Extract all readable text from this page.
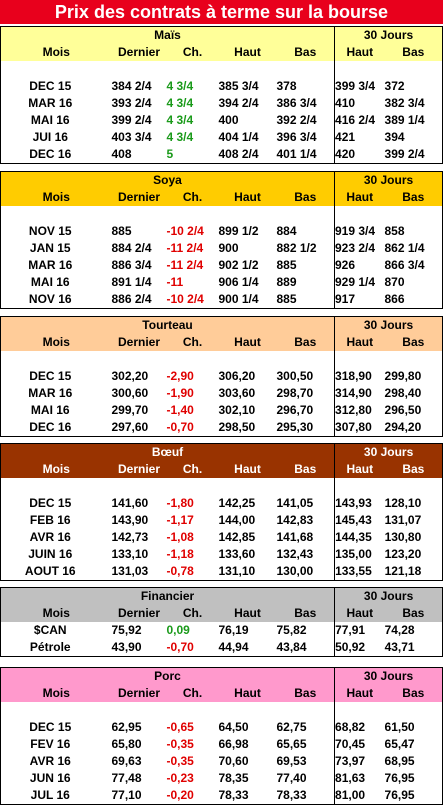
Prix des contrats à terme sur la bourse
Maïs					30 Jours	
Mois	Dernier	Ch.	Haut	Bas	Haut	Bas

DEC 15	384 2/4	4 3/4	385 3/4	378	399 3/4	372
MAR 16	393 2/4	4 3/4	394 2/4	386 3/4	410	382 3/4
MAI 16	399 2/4	4 3/4	400	392 2/4	416 2/4	389 1/4
JUI 16	403 3/4	4 3/4	404 1/4	396 3/4	421	394
DEC 16	408	5	408 2/4	401 1/4	420	399 2/4
Soya					30 Jours	
Mois	Dernier	Ch.	Haut	Bas	Haut	Bas

NOV 15	885	-10 2/4	899 1/2	884	919 3/4	858
JAN 15	884 2/4	-11 2/4	900	882 1/2	923 2/4	862 1/4
MAR 16	886 3/4	-11 2/4	902 1/2	885	926	866 3/4
MAI 16	891 1/4	-11	906 1/4	889	929 1/4	870
NOV 16	886 2/4	-10 2/4	900 1/4	885	917	866
Tourteau					30 Jours	
Mois	Dernier	Ch.	Haut	Bas	Haut	Bas

DEC 15	302,20	-2,90	306,20	300,50	318,90	299,80
MAR 16	300,60	-1,90	303,60	298,70	314,90	298,40
MAI 16	299,70	-1,40	302,10	296,70	312,80	296,50
DEC 16	297,60	-0,70	298,50	295,30	307,80	294,20
Bœuf					30 Jours	
Mois	Dernier	Ch.	Haut	Bas	Haut	Bas

DEC 15	141,60	-1,80	142,25	141,05	143,93	128,10
FEB 16	143,90	-1,17	144,00	142,83	145,43	131,07
AVR 16	142,73	-1,08	142,85	141,68	144,35	130,80
JUIN 16	133,10	-1,18	133,60	132,43	135,00	123,20
AOUT 16	131,03	-0,78	131,10	130,00	133,55	121,18
Financier					30 Jours	
Mois	Dernier	Ch.	Haut	Bas	Haut	Bas
$CAN	75,92	0,09	76,19	75,82	77,91	74,28
Pétrole	43,90	-0,70	44,94	43,84	50,92	43,71
Porc					30 Jours	
Mois	Dernier	Ch.	Haut	Bas	Haut	Bas

DEC 15	62,95	-0,65	64,50	62,75	68,82	61,50
FEV 16	65,80	-0,35	66,98	65,65	70,45	65,47
AVR 16	69,63	-0,35	70,60	69,53	73,97	68,95
JUN 16	77,48	-0,23	78,35	77,40	81,63	76,95
JUL 16	77,10	-0,20	78,33	78,33	81,00	76,95
